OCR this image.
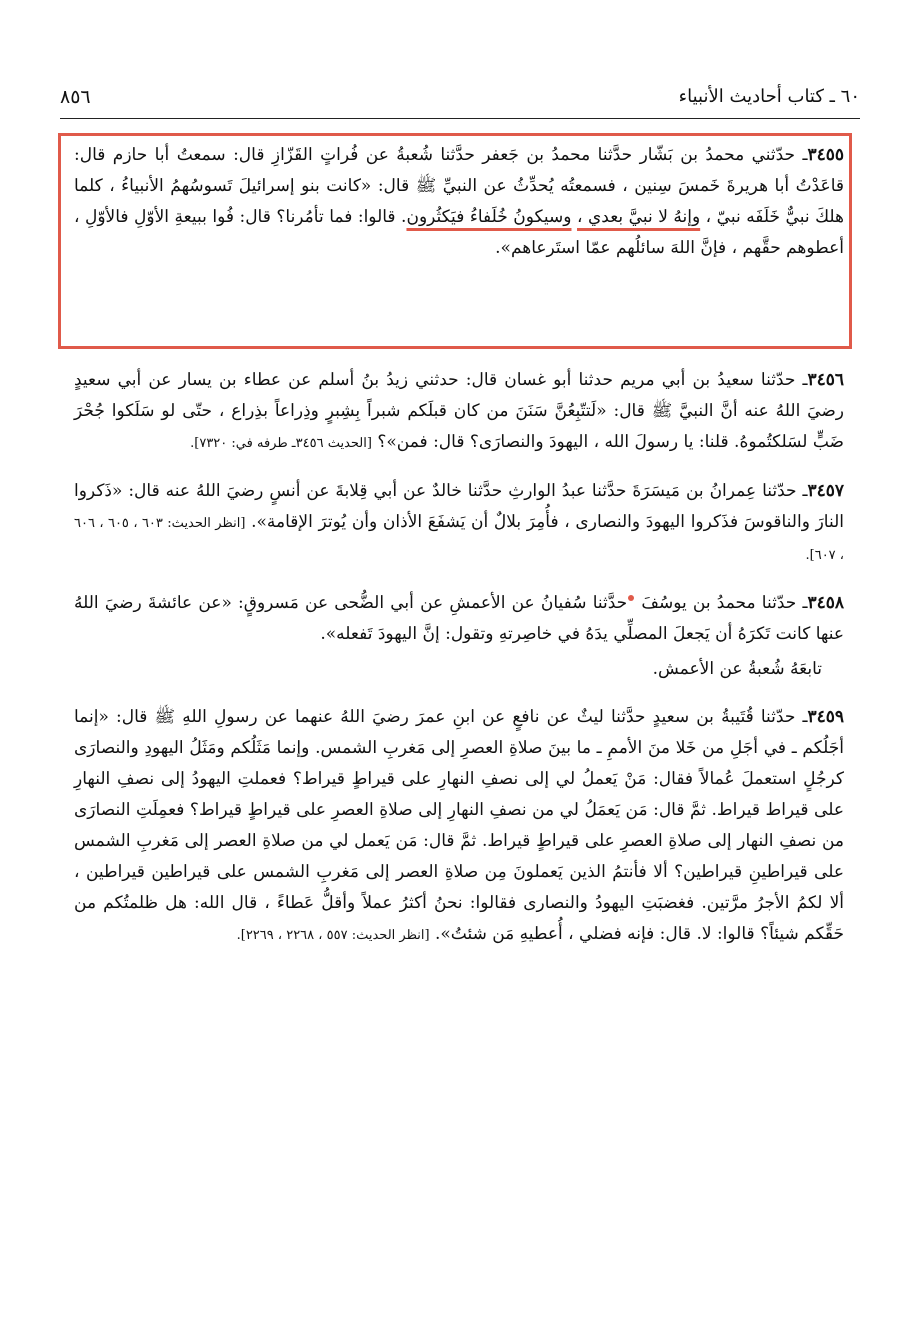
٦٠ ـ كتاب أحاديث الأنبياء
٨٥٦

٣٤٥٥ـ حدّثني محمدُ بن بَشّار حدَّثنا محمدُ بن جَعفر حدَّثنا شُعبةُ عن فُراتٍ القَزّازِ قال: سمعتُ أبا حازم قال: قاعَدْتُ أبا هريرةَ خَمسَ سِنين ، فسمعتُه يُحدِّثُ عن النبيِّ ﷺ قال: «كانت بنو إسرائيلَ تَسوسُهمُ الأنبياءُ ، كلما هلكَ نبيٌّ خَلَفَه نبيّ ، وإنهُ لا نبيَّ بعدي ، وسيكونُ خُلَفاءُ فيَكثُرون. قالوا: فما تأمُرنا؟ قال: فُوا ببيعةِ الأوّلِ فالأوّلِ ، أعطوهم حقَّهم ، فإنَّ اللهَ سائلُهم عمّا استَرعاهم».

٣٤٥٦ـ حدّثنا سعيدُ بن أبي مريم حدثنا أبو غسان قال: حدثني زيدُ بنُ أسلم عن عطاء بن يسار عن أبي سعيدٍ رضيَ اللهُ عنه أنَّ النبيَّ ﷺ قال: «لَتتّبِعُنَّ سَنَنَ من كان قبلَكم شبراً بِشِبرٍ وذِراعاً بذِراع ، حتّى لو سَلَكوا جُحْرَ ضَبٍّ لسَلكتُموهُ. قلنا: يا رسولَ الله ، اليهودَ والنصارَى؟ قال: فمن»؟ [الحديث ٣٤٥٦ـ طرفه في: ٧٣٢٠].

٣٤٥٧ـ حدّثنا عِمرانُ بن مَيسَرَةَ حدَّثنا عبدُ الوارثِ حدَّثنا خالدٌ عن أبي قِلابةَ عن أنسٍ رضيَ اللهُ عنه قال: «ذَكروا النارَ والناقوسَ فذَكروا اليهودَ والنصارى ، فأُمِرَ بلالٌ أن يَشفَعَ الأذان وأن يُوترَ الإقامة». [انظر الحديث: ٦٠٣ ، ٦٠٥ ، ٦٠٦ ، ٦٠٧].

٣٤٥٨ـ حدّثنا محمدُ بن يوسُفَ حدَّثنا سُفيانُ عن الأعمشِ عن أبي الضُّحى عن مَسروقٍ: «عن عائشةَ رضيَ اللهُ عنها كانت تَكرَهُ أن يَجعلَ المصلِّي يدَهُ في خاصِرتهِ وتقول: إنَّ اليهودَ تَفعله».

تابعَهُ شُعبةُ عن الأعمش.

٣٤٥٩ـ حدّثنا قُتَيبةُ بن سعيدٍ حدَّثنا ليثٌ عن نافعٍ عن ابنِ عمرَ رضيَ اللهُ عنهما عن رسولِ اللهِ ﷺ قال: «إنما أجَلُكم ـ في أجَلِ من خَلا منَ الأممِ ـ ما بينَ صلاةِ العصرِ إلى مَغربِ الشمس. وإنما مَثَلُكم ومَثَلُ اليهودِ والنصارَى كرجُلٍ استعملَ عُمالاً فقال: مَنْ يَعملُ لي إلى نصفِ النهارِ على قيراطٍ قيراط؟ فعملتِ اليهودُ إلى نصفِ النهارِ على قيراط قيراط. ثمَّ قال: مَن يَعمَلُ لي من نصفِ النهارِ إلى صلاةِ العصرِ على قيراطٍ قيراط؟ فعمِلَتِ النصارَى من نصفِ النهار إلى صلاةِ العصرِ على قيراطٍ قيراط. ثمَّ قال: مَن يَعمل لي من صلاةِ العصر إلى مَغربِ الشمس على قيراطينِ قيراطين؟ ألا فأنتمُ الذين يَعملونَ مِن صلاةِ العصر إلى مَغربِ الشمس على قيراطين قيراطين ، ألا لكمُ الأجرُ مرَّتين. فغضبَتِ اليهودُ والنصارى فقالوا: نحنُ أكثرُ عملاً وأقلُّ عَطاءً ، قال الله: هل ظلمتُكم من حَقِّكم شيئاً؟ قالوا: لا. قال: فإنه فضلي ، أُعطيهِ مَن شئتُ». [انظر الحديث: ٥٥٧ ، ٢٢٦٨ ، ٢٢٦٩].
